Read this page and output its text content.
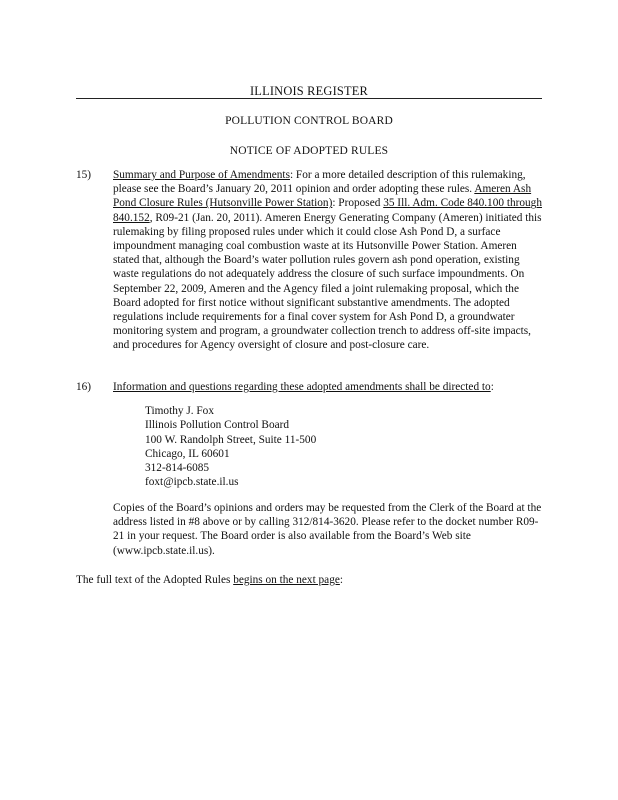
ILLINOIS REGISTER
POLLUTION CONTROL BOARD
NOTICE OF ADOPTED RULES
15) Summary and Purpose of Amendments: For a more detailed description of this rulemaking, please see the Board’s January 20, 2011 opinion and order adopting these rules. Ameren Ash Pond Closure Rules (Hutsonville Power Station): Proposed 35 Ill. Adm. Code 840.100 through 840.152, R09-21 (Jan. 20, 2011). Ameren Energy Generating Company (Ameren) initiated this rulemaking by filing proposed rules under which it could close Ash Pond D, a surface impoundment managing coal combustion waste at its Hutsonville Power Station. Ameren stated that, although the Board’s water pollution rules govern ash pond operation, existing waste regulations do not adequately address the closure of such surface impoundments. On September 22, 2009, Ameren and the Agency filed a joint rulemaking proposal, which the Board adopted for first notice without significant substantive amendments. The adopted regulations include requirements for a final cover system for Ash Pond D, a groundwater monitoring system and program, a groundwater collection trench to address off-site impacts, and procedures for Agency oversight of closure and post-closure care.

16) Information and questions regarding these adopted amendments shall be directed to:

Timothy J. Fox
Illinois Pollution Control Board
100 W. Randolph Street, Suite 11-500
Chicago, IL 60601
312-814-6085
foxt@ipcb.state.il.us
Copies of the Board’s opinions and orders may be requested from the Clerk of the Board at the address listed in #8 above or by calling 312/814-3620. Please refer to the docket number R09-21 in your request. The Board order is also available from the Board’s Web site (www.ipcb.state.il.us).
The full text of the Adopted Rules begins on the next page:
